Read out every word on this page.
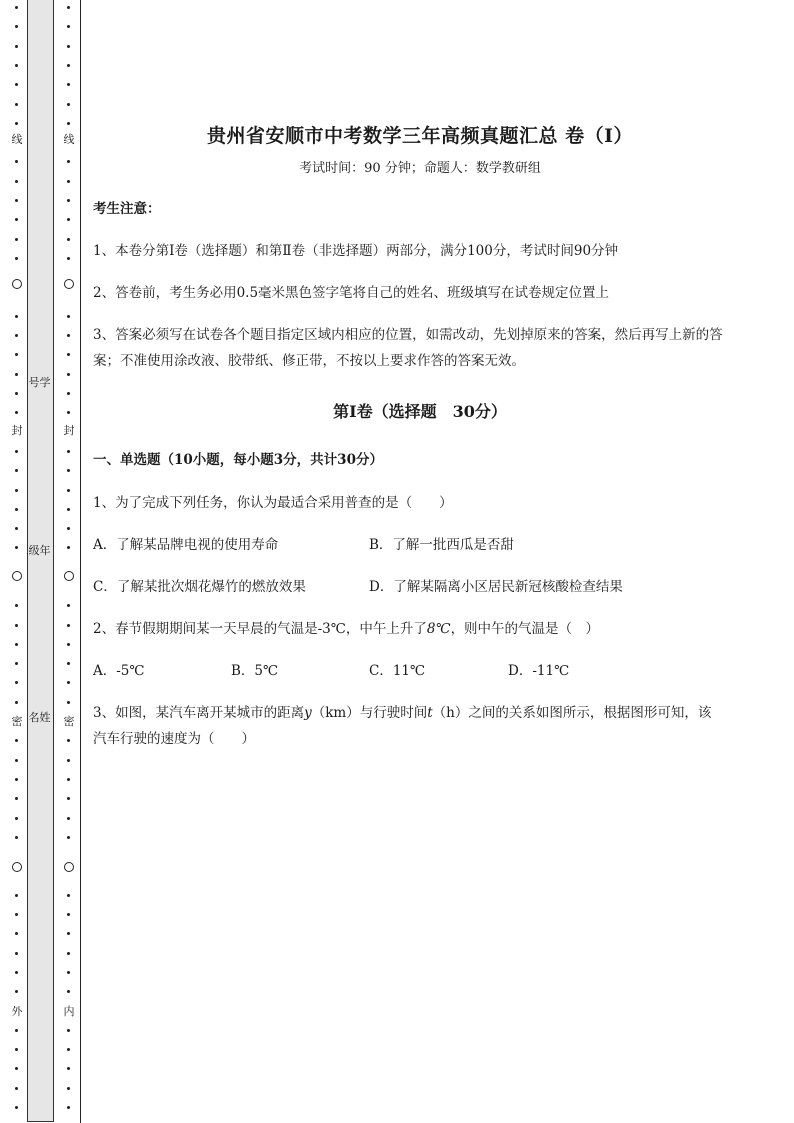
线
封
密
外
号学
级年
名姓
线
封
密
内
贵州省安顺市中考数学三年高频真题汇总 卷（Ⅰ）
考试时间：90 分钟；命题人：数学教研组
考生注意：
1、本卷分第Ⅰ卷（选择题）和第Ⅱ卷（非选择题）两部分，满分100分，考试时间90分钟
2、答卷前，考生务必用0.5毫米黑色签字笔将自己的姓名、班级填写在试卷规定位置上
3、答案必须写在试卷各个题目指定区域内相应的位置，如需改动，先划掉原来的答案，然后再写上新的答案；不准使用涂改液、胶带纸、修正带，不按以上要求作答的答案无效。
第Ⅰ卷（选择题　30分）
一、单选题（10小题，每小题3分，共计30分）
1、为了完成下列任务，你认为最适合采用普查的是（　　）
A．了解某品牌电视的使用寿命	B．了解一批西瓜是否甜
C．了解某批次烟花爆竹的燃放效果	D．了解某隔离小区居民新冠核酸检查结果
2、春节假期期间某一天早晨的气温是-3℃，中午上升了8℃，则中午的气温是（　）
A．-5℃	B．5℃	C．11℃	D．-11℃
3、如图，某汽车离开某城市的距离y（km）与行驶时间t（h）之间的关系如图所示，根据图形可知，该汽车行驶的速度为（　　）
